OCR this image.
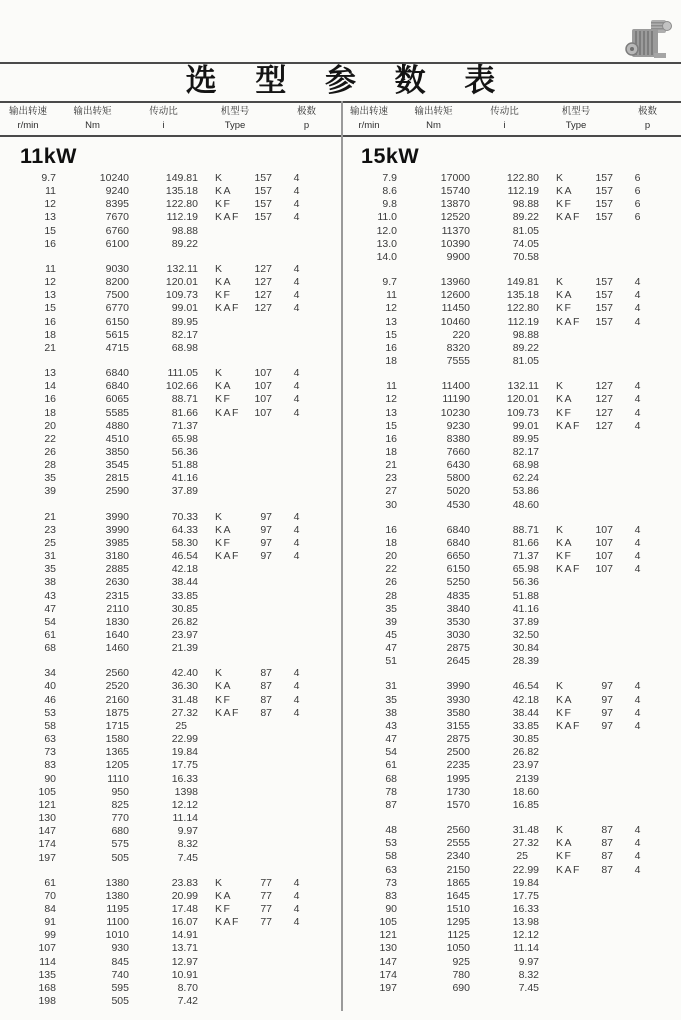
选 型 参 数 表
输出转速
r/min
输出转矩
Nm
传动比
i
机型号
Type
极数
p
输出转速
r/min
输出转矩
Nm
传动比
i
机型号
Type
极数
p
11kW
9.7	10240	149.81 K	157	4
11	9240	135.18 KA	157	4
12	8395	122.80 KF	157	4
13	7670	112.19 KAF	157	4
15	6760	98.88
16	6100	89.22
11	9030	132.11 K	127	4
12	8200	120.01 KA	127	4
13	7500	109.73 KF	127	4
15	6770	99.01 KAF	127	4
16	6150	89.95
18	5615	82.17
21	4715	68.98
13	6840	111.05 K	107	4
14	6840	102.66 KA	107	4
16	6065	88.71 KF	107	4
18	5585	81.66 KAF	107	4
20	4880	71.37
22	4510	65.98
26	3850	56.36
28	3545	51.88
35	2815	41.16
39	2590	37.89
21	3990	70.33 K	97	4
23	3990	64.33 KA	97	4
25	3985	58.30 KF	97	4
31	3180	46.54 KAF	97	4
35	2885	42.18
38	2630	38.44
43	2315	33.85
47	2110	30.85
54	1830	26.82
61	1640	23.97
68	1460	21.39
34	2560	42.40 K	87	4
40	2520	36.30 KA	87	4
46	2160	31.48 KF	87	4
53	1875	27.32 KAF	87	4
58	1715	25
63	1580	22.99
73	1365	19.84
83	1205	17.75
90	1110	16.33
105	950	1398
121	825	12.12
130	770	11.14
147	680	9.97
174	575	8.32
197	505	7.45
61	1380	23.83 K	77	4
70	1380	20.99 KA	77	4
84	1195	17.48 KF	77	4
91	1100	16.07 KAF	77	4
99	1010	14.91
107	930	13.71
114	845	12.97
135	740	10.91
168	595	8.70
198	505	7.42
15kW
7.9	17000	122.80 K	157	6
8.6	15740	112.19 KA	157	6
9.8	13870	98.88 KF	157	6
11.0	12520	89.22 KAF	157	6
12.0	11370	81.05
13.0	10390	74.05
14.0	9900	70.58
9.7	13960	149.81 K	157	4
11	12600	135.18 KA	157	4
12	11450	122.80 KF	157	4
13	10460	112.19 KAF	157	4
15	220	98.88
16	8320	89.22
18	7555	81.05
11	11400	132.11 K	127	4
12	11190	120.01 KA	127	4
13	10230	109.73 KF	127	4
15	9230	99.01 KAF	127	4
16	8380	89.95
18	7660	82.17
21	6430	68.98
23	5800	62.24
27	5020	53.86
30	4530	48.60
16	6840	88.71 K	107	4
18	6840	81.66 KA	107	4
20	6650	71.37 KF	107	4
22	6150	65.98 KAF	107	4
26	5250	56.36
28	4835	51.88
35	3840	41.16
39	3530	37.89
45	3030	32.50
47	2875	30.84
51	2645	28.39
31	3990	46.54 K	97	4
35	3930	42.18 KA	97	4
38	3580	38.44 KF	97	4
43	3155	33.85 KAF	97	4
47	2875	30.85
54	2500	26.82
61	2235	23.97
68	1995	2139
78	1730	18.60
87	1570	16.85
48	2560	31.48 K	87	4
53	2555	27.32 KA	87	4
58	2340	25	KF	87	4
63	2150	22.99 KAF	87	4
73	1865	19.84
83	1645	17.75
90	1510	16.33
105	1295	13.98
121	1125	12.12
130	1050	11.14
147	925	9.97
174	780	8.32
197	690	7.45
